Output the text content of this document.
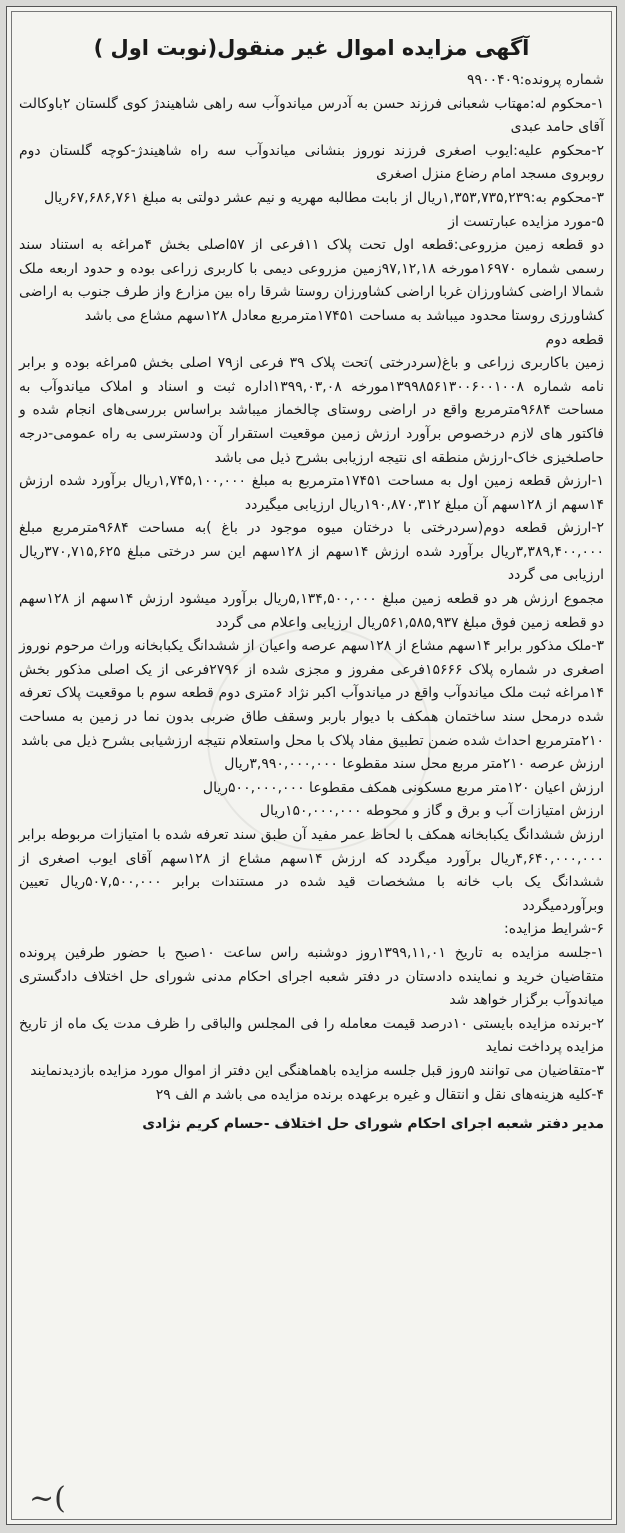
آگهی مزایده اموال غیر منقول(نوبت اول )

شماره پرونده:۹۹۰۰۴۰۹

۱-محکوم له:مهتاب شعبانی فرزند حسن به آدرس میاندوآب سه راهی شاهیندژ کوی گلستان ۲باوکالت آقای حامد عبدی

۲-محکوم علیه:ایوب اصغری فرزند نوروز بنشانی میاندوآب سه راه شاهیندژ-کوچه گلستان دوم روبروی مسجد امام رضاع منزل اصغری

۳-محکوم به:۱,۳۵۳,۷۳۵,۲۳۹ریال از بابت مطالبه مهریه و نیم عشر دولتی به مبلغ ۶۷,۶۸۶,۷۶۱ریال

۵-مورد مزایده عبارتست از

دو قطعه زمین مزروعی:قطعه اول تحت پلاک ۱۱فرعی از ۵۷اصلی بخش ۴مراغه به استناد سند رسمی شماره ۱۶۹۷۰مورخه ۹۷,۱۲,۱۸زمین مزروعی دیمی با کاربری زراعی بوده و حدود اربعه ملک شمالا اراضی کشاورزان غربا اراضی کشاورزان روستا شرقا راه بین مزارع واز طرف جنوب به اراضی کشاورزی روستا محدود میباشد به مساحت ۱۷۴۵۱مترمربع معادل ۱۲۸سهم مشاع می باشد

قطعه دوم

زمین باکاربری زراعی و باغ(سردرختی )تحت پلاک ۳۹ فرعی از۷۹ اصلی بخش ۵مراغه بوده و برابر نامه شماره ۱۳۹۹۸۵۶۱۳۰۰۶۰۰۱۰۰۸مورخه ۱۳۹۹,۰۳,۰۸اداره ثبت و اسناد و املاک میاندوآب به مساحت ۹۶۸۴مترمربع واقع در اراضی روستای چالخماز میباشد براساس بررسی‌های انجام شده و فاکتور های لازم درخصوص برآورد ارزش زمین موقعیت استقرار آن ودسترسی به راه عمومی-درجه حاصلخیزی خاک-ارزش منطقه ای نتیجه ارزیابی بشرح ذیل می باشد

۱-ارزش قطعه زمین اول به مساحت ۱۷۴۵۱مترمربع به مبلغ ۱,۷۴۵,۱۰۰,۰۰۰ریال برآورد شده ارزش ۱۴سهم از ۱۲۸سهم آن مبلغ ۱۹۰,۸۷۰,۳۱۲ریال ارزیابی میگیردد

۲-ارزش قطعه دوم(سردرختی با درختان میوه موجود در باغ )به مساحت ۹۶۸۴مترمربع مبلغ ۳,۳۸۹,۴۰۰,۰۰۰ریال برآورد شده ارزش ۱۴سهم از ۱۲۸سهم این سر درختی مبلغ ۳۷۰,۷۱۵,۶۲۵ریال ارزیابی می گردد

مجموع ارزش هر دو قطعه زمین مبلغ ۵,۱۳۴,۵۰۰,۰۰۰ریال برآورد میشود ارزش ۱۴سهم از ۱۲۸سهم دو قطعه زمین فوق مبلغ ۵۶۱,۵۸۵,۹۳۷ریال ارزیابی واعلام می گردد

۳-ملک مذکور برابر ۱۴سهم مشاع از ۱۲۸سهم عرصه واعیان از ششدانگ یکبابخانه وراث مرحوم نوروز اصغری در شماره پلاک ۱۵۶۶۶فرعی مفروز و مجزی شده از ۲۷۹۶فرعی از یک اصلی مذکور بخش ۱۴مراغه ثبت ملک میاندوآب واقع در میاندوآب اکبر نژاد ۶متری دوم قطعه سوم با موقعیت پلاک تعرفه شده درمحل سند ساختمان همکف با دیوار باربر وسقف طاق ضربی بدون نما در زمین به مساحت ۲۱۰مترمربع احداث شده ضمن تطبیق مفاد پلاک با محل واستعلام نتیجه ارزشیابی بشرح ذیل می باشد

ارزش عرصه ۲۱۰متر مربع محل سند مقطوعا ۳,۹۹۰,۰۰۰,۰۰۰ریال

ارزش اعیان ۱۲۰متر مربع مسکونی همکف مقطوعا ۵۰۰,۰۰۰,۰۰۰ریال

ارزش امتیازات آب و برق و گاز و محوطه ۱۵۰,۰۰۰,۰۰۰ریال

ارزش ششدانگ یکبابخانه همکف با لحاظ عمر مفید آن طبق سند تعرفه شده با امتیازات مربوطه برابر ۴,۶۴۰,۰۰۰,۰۰۰ریال برآورد میگردد که ارزش ۱۴سهم مشاع از ۱۲۸سهم آقای ایوب اصغری از ششدانگ یک باب خانه با مشخصات قید شده در مستندات برابر ۵۰۷,۵۰۰,۰۰۰ریال تعیین وبرآوردمیگردد

۶-شرایط مزایده:

۱-جلسه مزایده به تاریخ ۱۳۹۹,۱۱,۰۱روز دوشنبه راس ساعت ۱۰صبح با حضور طرفین پرونده متقاضیان خرید و نماینده دادستان در دفتر شعبه اجرای احکام مدنی شورای حل اختلاف دادگستری میاندوآب برگزار خواهد شد

۲-برنده مزایده بایستی ۱۰درصد قیمت معامله را فی المجلس والباقی را ظرف مدت یک ماه از تاریخ مزایده پرداخت نماید

۳-متقاضیان می توانند ۵روز قبل جلسه مزایده باهماهنگی این دفتر از اموال مورد مزایده بازدیدنمایند

۴-کلیه هزینه‌های نقل و انتقال و غیره برعهده برنده مزایده می باشد م الف ۲۹

مدیر دفتر شعبه اجرای احکام شورای حل اختلاف -حسام کریم نژادی

~(
